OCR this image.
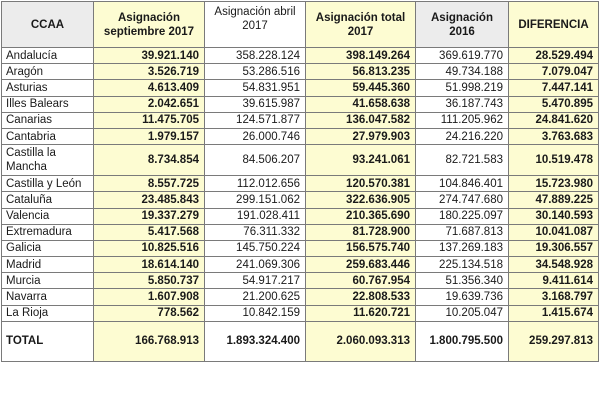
CCAA	Asignación septiembre 2017	Asignación abril 2017	Asignación total 2017	Asignación 2016	DIFERENCIA
Andalucía	39.921.140	358.228.124	398.149.264	369.619.770	28.529.494
Aragón	3.526.719	53.286.516	56.813.235	49.734.188	7.079.047
Asturias	4.613.409	54.831.951	59.445.360	51.998.219	7.447.141
Illes Balears	2.042.651	39.615.987	41.658.638	36.187.743	5.470.895
Canarias	11.475.705	124.571.877	136.047.582	111.205.962	24.841.620
Cantabria	1.979.157	26.000.746	27.979.903	24.216.220	3.763.683
Castilla la Mancha	8.734.854	84.506.207	93.241.061	82.721.583	10.519.478
Castilla y León	8.557.725	112.012.656	120.570.381	104.846.401	15.723.980
Cataluña	23.485.843	299.151.062	322.636.905	274.747.680	47.889.225
Valencia	19.337.279	191.028.411	210.365.690	180.225.097	30.140.593
Extremadura	5.417.568	76.311.332	81.728.900	71.687.813	10.041.087
Galicia	10.825.516	145.750.224	156.575.740	137.269.183	19.306.557
Madrid	18.614.140	241.069.306	259.683.446	225.134.518	34.548.928
Murcia	5.850.737	54.917.217	60.767.954	51.356.340	9.411.614
Navarra	1.607.908	21.200.625	22.808.533	19.639.736	3.168.797
La Rioja	778.562	10.842.159	11.620.721	10.205.047	1.415.674
TOTAL	166.768.913	1.893.324.400	2.060.093.313	1.800.795.500	259.297.813
